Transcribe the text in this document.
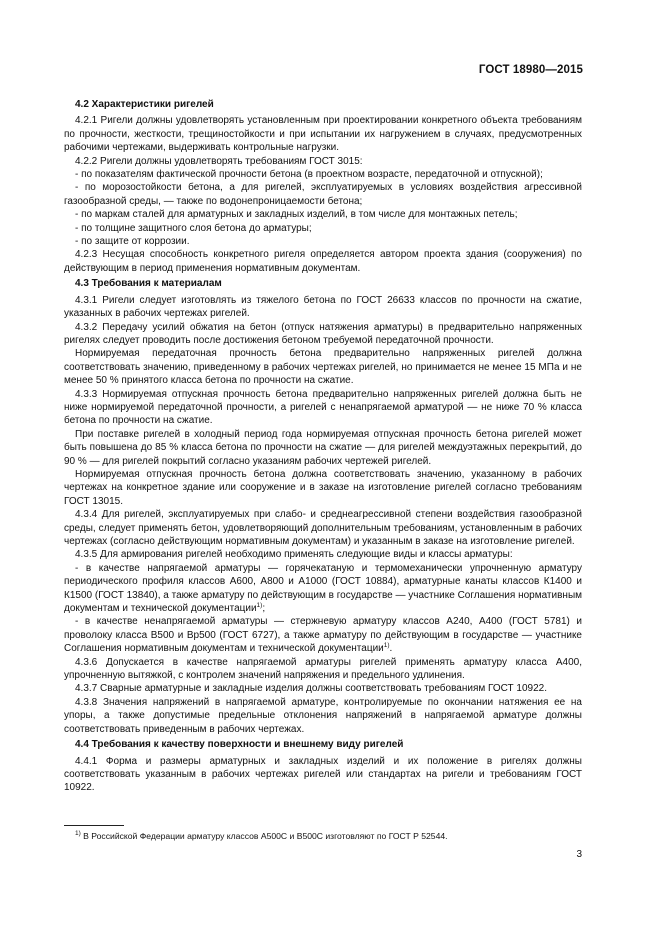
ГОСТ 18980—2015

4.2 Характеристики ригелей

4.2.1 Ригели должны удовлетворять установленным при проектировании конкретного объекта требованиям по прочности, жесткости, трещиностойкости и при испытании их нагружением в случаях, предусмотренных рабочими чертежами, выдерживать контрольные нагрузки.

4.2.2 Ригели должны удовлетворять требованиям ГОСТ 3015:

- по показателям фактической прочности бетона (в проектном возрасте, передаточной и отпускной);

- по морозостойкости бетона, а для ригелей, эксплуатируемых в условиях воздействия агрессивной газообразной среды, — также по водонепроницаемости бетона;

- по маркам сталей для арматурных и закладных изделий, в том числе для монтажных петель;

- по толщине защитного слоя бетона до арматуры;

- по защите от коррозии.

4.2.3 Несущая способность конкретного ригеля определяется автором проекта здания (сооружения) по действующим в период применения нормативным документам.

4.3 Требования к материалам

4.3.1 Ригели следует изготовлять из тяжелого бетона по ГОСТ 26633 классов по прочности на сжатие, указанных в рабочих чертежах ригелей.

4.3.2 Передачу усилий обжатия на бетон (отпуск натяжения арматуры) в предварительно напряженных ригелях следует проводить после достижения бетоном требуемой передаточной прочности.

Нормируемая передаточная прочность бетона предварительно напряженных ригелей должна соответствовать значению, приведенному в рабочих чертежах ригелей, но принимается не менее 15 МПа и не менее 50 % принятого класса бетона по прочности на сжатие.

4.3.3 Нормируемая отпускная прочность бетона предварительно напряженных ригелей должна быть не ниже нормируемой передаточной прочности, а ригелей с ненапрягаемой арматурой — не ниже 70 % класса бетона по прочности на сжатие.

При поставке ригелей в холодный период года нормируемая отпускная прочность бетона ригелей может быть повышена до 85 % класса бетона по прочности на сжатие — для ригелей междуэтажных перекрытий, до 90 % — для ригелей покрытий согласно указаниям рабочих чертежей ригелей.

Нормируемая отпускная прочность бетона должна соответствовать значению, указанному в рабочих чертежах на конкретное здание или сооружение и в заказе на изготовление ригелей согласно требованиям ГОСТ 13015.

4.3.4 Для ригелей, эксплуатируемых при слабо- и среднеагрессивной степени воздействия газообразной среды, следует применять бетон, удовлетворяющий дополнительным требованиям, установленным в рабочих чертежах (согласно действующим нормативным документам) и указанным в заказе на изготовление ригелей.

4.3.5 Для армирования ригелей необходимо применять следующие виды и классы арматуры:

- в качестве напрягаемой арматуры — горячекатаную и термомеханически упрочненную арматуру периодического профиля классов А600, А800 и А1000 (ГОСТ 10884), арматурные канаты классов К1400 и К1500 (ГОСТ 13840), а также арматуру по действующим в государстве — участнике Соглашения нормативным документам и технической документации$^{1)}$;

- в качестве ненапрягаемой арматуры — стержневую арматуру классов А240, А400 (ГОСТ 5781) и проволоку класса В500 и Вр500 (ГОСТ 6727), а также арматуру по действующим в государстве — участнике Соглашения нормативным документам и технической документации$^{1)}$.

4.3.6 Допускается в качестве напрягаемой арматуры ригелей применять арматуру класса А400, упрочненную вытяжкой, с контролем значений напряжения и предельного удлинения.

4.3.7 Сварные арматурные и закладные изделия должны соответствовать требованиям ГОСТ 10922.

4.3.8 Значения напряжений в напрягаемой арматуре, контролируемые по окончании натяжения ее на упоры, а также допустимые предельные отклонения напряжений в напрягаемой арматуре должны соответствовать приведенным в рабочих чертежах.

4.4 Требования к качеству поверхности и внешнему виду ригелей

4.4.1 Форма и размеры арматурных и закладных изделий и их положение в ригелях должны соответствовать указанным в рабочих чертежах ригелей или стандартах на ригели и требованиям ГОСТ 10922.

$^{1)}$ В Российской Федерации арматуру классов А500С и В500С изготовляют по ГОСТ Р 52544.
3
